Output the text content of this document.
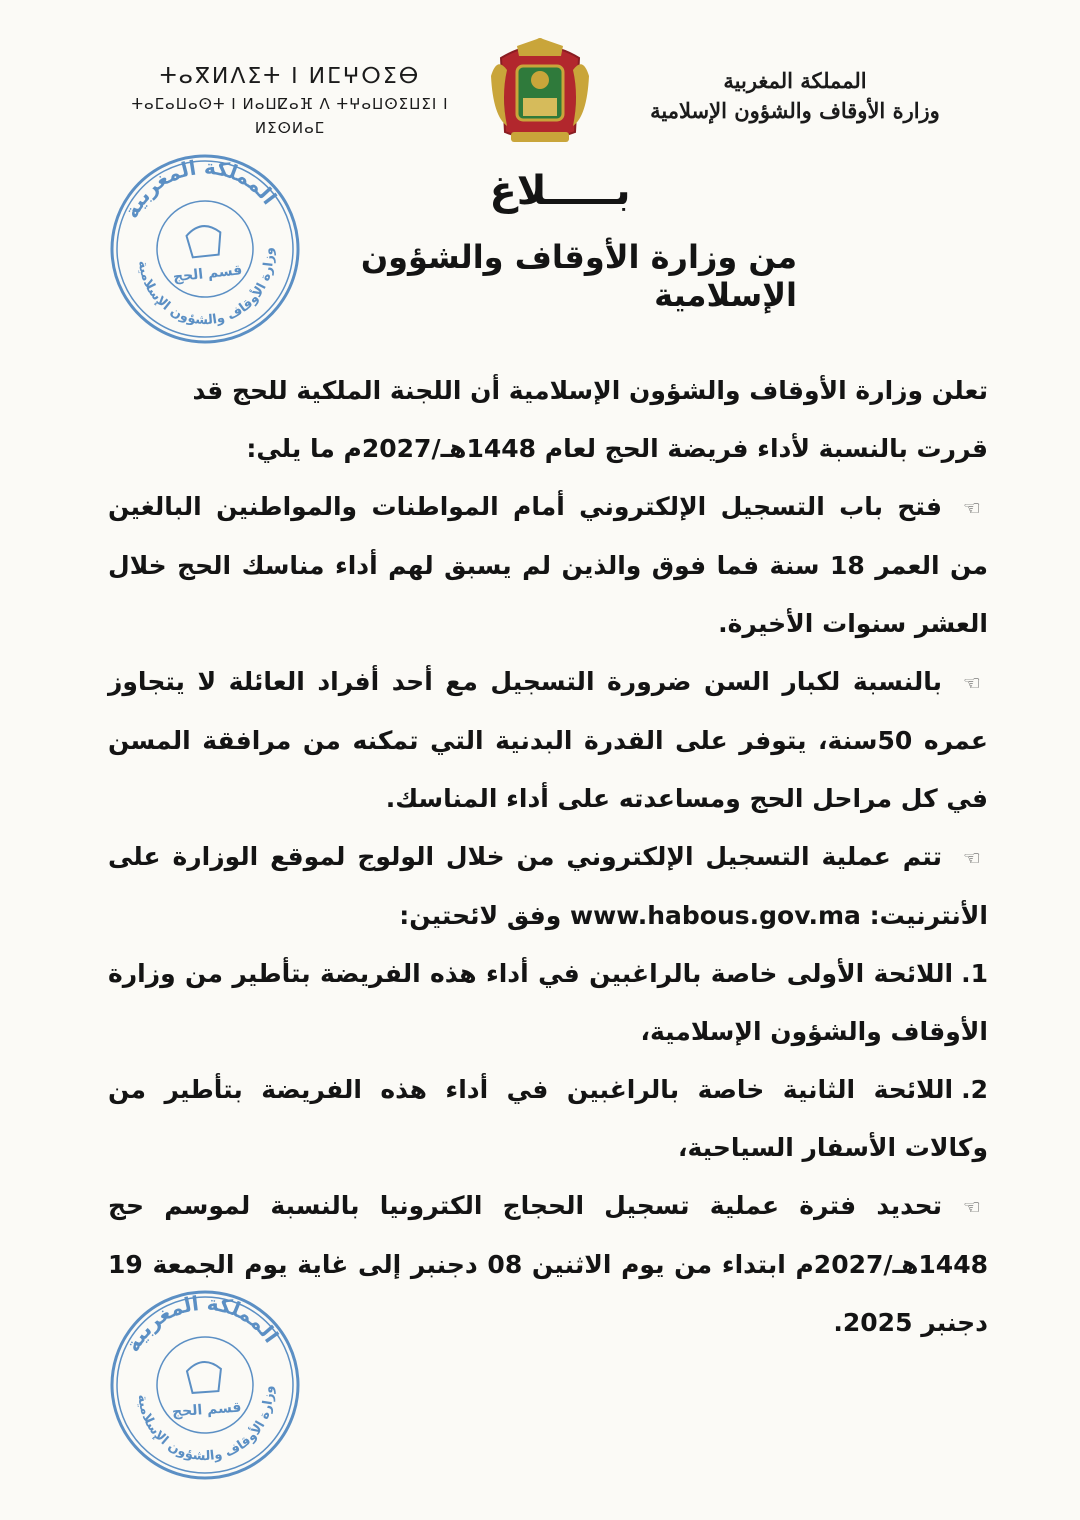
المملكة المغربية
وزارة الأوقاف والشؤون الإسلامية
ⵜⴰⴳⵍⴷⵉⵜ ⵏ ⵍⵎⵖⵔⵉⴱ
ⵜⴰⵎⴰⵡⴰⵙⵜ ⵏ ⵍⴰⵡⵇⴰⴼ ⴷ ⵜⵖⴰⵡⵙⵉⵡⵉⵏ ⵏ ⵍⵉⵙⵍⴰⵎ
المملكة المغربية
وزارة الأوقاف والشؤون الإسلامية
قسم الحج
بـــــلاغ
من وزارة الأوقاف والشؤون الإسلامية

تعلن وزارة الأوقاف والشؤون الإسلامية أن اللجنة الملكية للحج قد

قررت بالنسبة لأداء فريضة الحج لعام 1448هـ/2027م ما يلي:

☜فتح باب التسجيل الإلكتروني أمام المواطنات والمواطنين البالغين من العمر 18 سنة فما فوق والذين لم يسبق لهم أداء مناسك الحج خلال العشر سنوات الأخيرة.

☜بالنسبة لكبار السن ضرورة التسجيل مع أحد أفراد العائلة لا يتجاوز عمره 50سنة، يتوفر على القدرة البدنية التي تمكنه من مرافقة المسن في كل مراحل الحج ومساعدته على أداء المناسك.

☜تتم عملية التسجيل الإلكتروني من خلال الولوج لموقع الوزارة على الأنترنيت: www.habous.gov.ma وفق لائحتين:

1.اللائحة الأولى خاصة بالراغبين في أداء هذه الفريضة بتأطير من وزارة الأوقاف والشؤون الإسلامية،

2.اللائحة الثانية خاصة بالراغبين في أداء هذه الفريضة بتأطير من وكالات الأسفار السياحية،

☜تحديد فترة عملية تسجيل الحجاج الكترونيا بالنسبة لموسم حج 1448هـ/2027م ابتداء من يوم الاثنين 08 دجنبر إلى غاية يوم الجمعة 19 دجنبر 2025.

المملكة المغربية
وزارة الأوقاف والشؤون الإسلامية
قسم الحج
